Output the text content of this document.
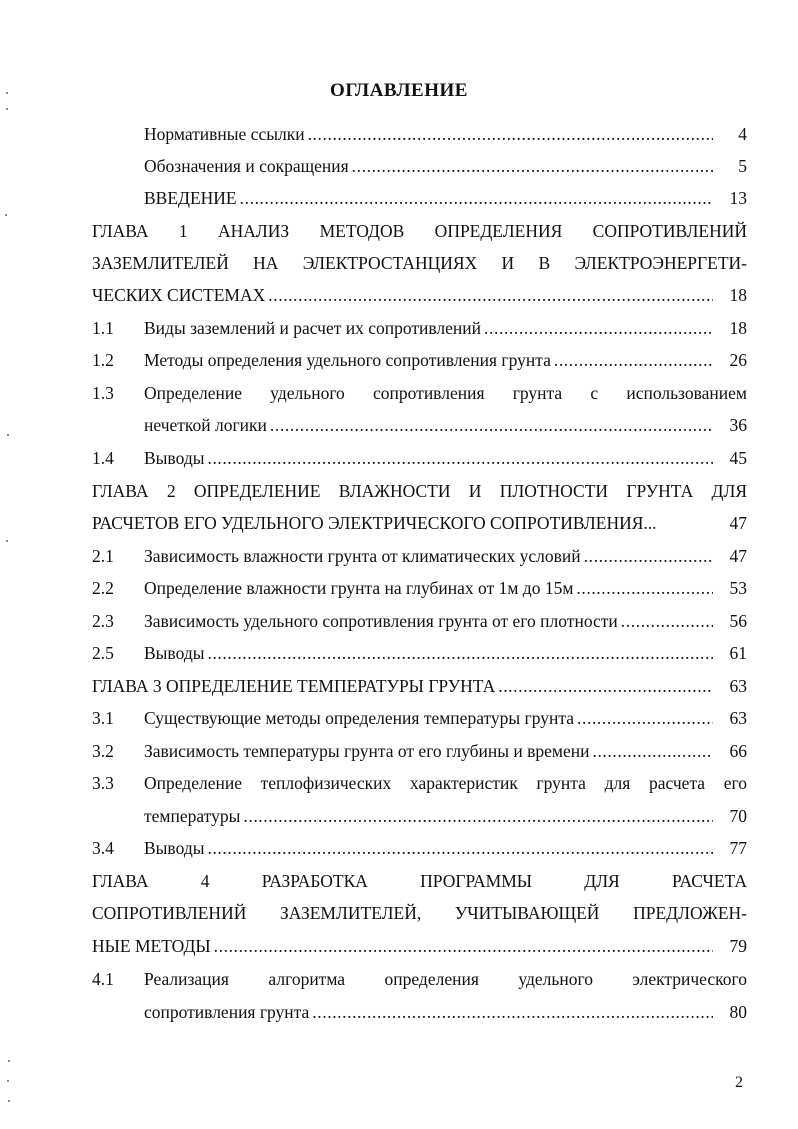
ОГЛАВЛЕНИЕ
Нормативные ссылки .....	4
Обозначения и сокращения .....	5
ВВЕДЕНИЕ .....	13
ГЛАВА 1 АНАЛИЗ МЕТОДОВ ОПРЕДЕЛЕНИЯ СОПРОТИВЛЕНИЙ
ЗАЗЕМЛИТЕЛЕЙ НА ЭЛЕКТРОСТАНЦИЯХ И В ЭЛЕКТРОЭНЕРГЕТИ-
ЧЕСКИХ СИСТЕМАХ .....	18
1.1	Виды заземлений и расчет их сопротивлений .....	18
1.2	Методы определения удельного сопротивления грунта .....	26
1.3	Определение удельного сопротивления грунта с использованием
нечеткой логики .....	36
1.4	Выводы .....	45
ГЛАВА 2 ОПРЕДЕЛЕНИЕ ВЛАЖНОСТИ И ПЛОТНОСТИ ГРУНТА ДЛЯ
РАСЧЕТОВ ЕГО УДЕЛЬНОГО ЭЛЕКТРИЧЕСКОГО СОПРОТИВЛЕНИЯ...	47
2.1	Зависимость влажности грунта от климатических условий .....	47
2.2	Определение влажности грунта на глубинах от 1м до 15м .....	53
2.3	Зависимость удельного сопротивления грунта от его плотности .....	56
2.5	Выводы .....	61
ГЛАВА 3 ОПРЕДЕЛЕНИЕ ТЕМПЕРАТУРЫ ГРУНТА .....	63
3.1	Существующие методы определения температуры грунта .....	63
3.2	Зависимость температуры грунта от его глубины и времени .....	66
3.3	Определение теплофизических характеристик грунта для расчета его
температуры .....	70
3.4	Выводы .....	77
ГЛАВА 4 РАЗРАБОТКА ПРОГРАММЫ ДЛЯ РАСЧЕТА
СОПРОТИВЛЕНИЙ ЗАЗЕМЛИТЕЛЕЙ, УЧИТЫВАЮЩЕЙ ПРЕДЛОЖЕН-
НЫЕ МЕТОДЫ .....	79
4.1	Реализация алгоритма определения удельного электрического
сопротивления грунта .....	80
2
